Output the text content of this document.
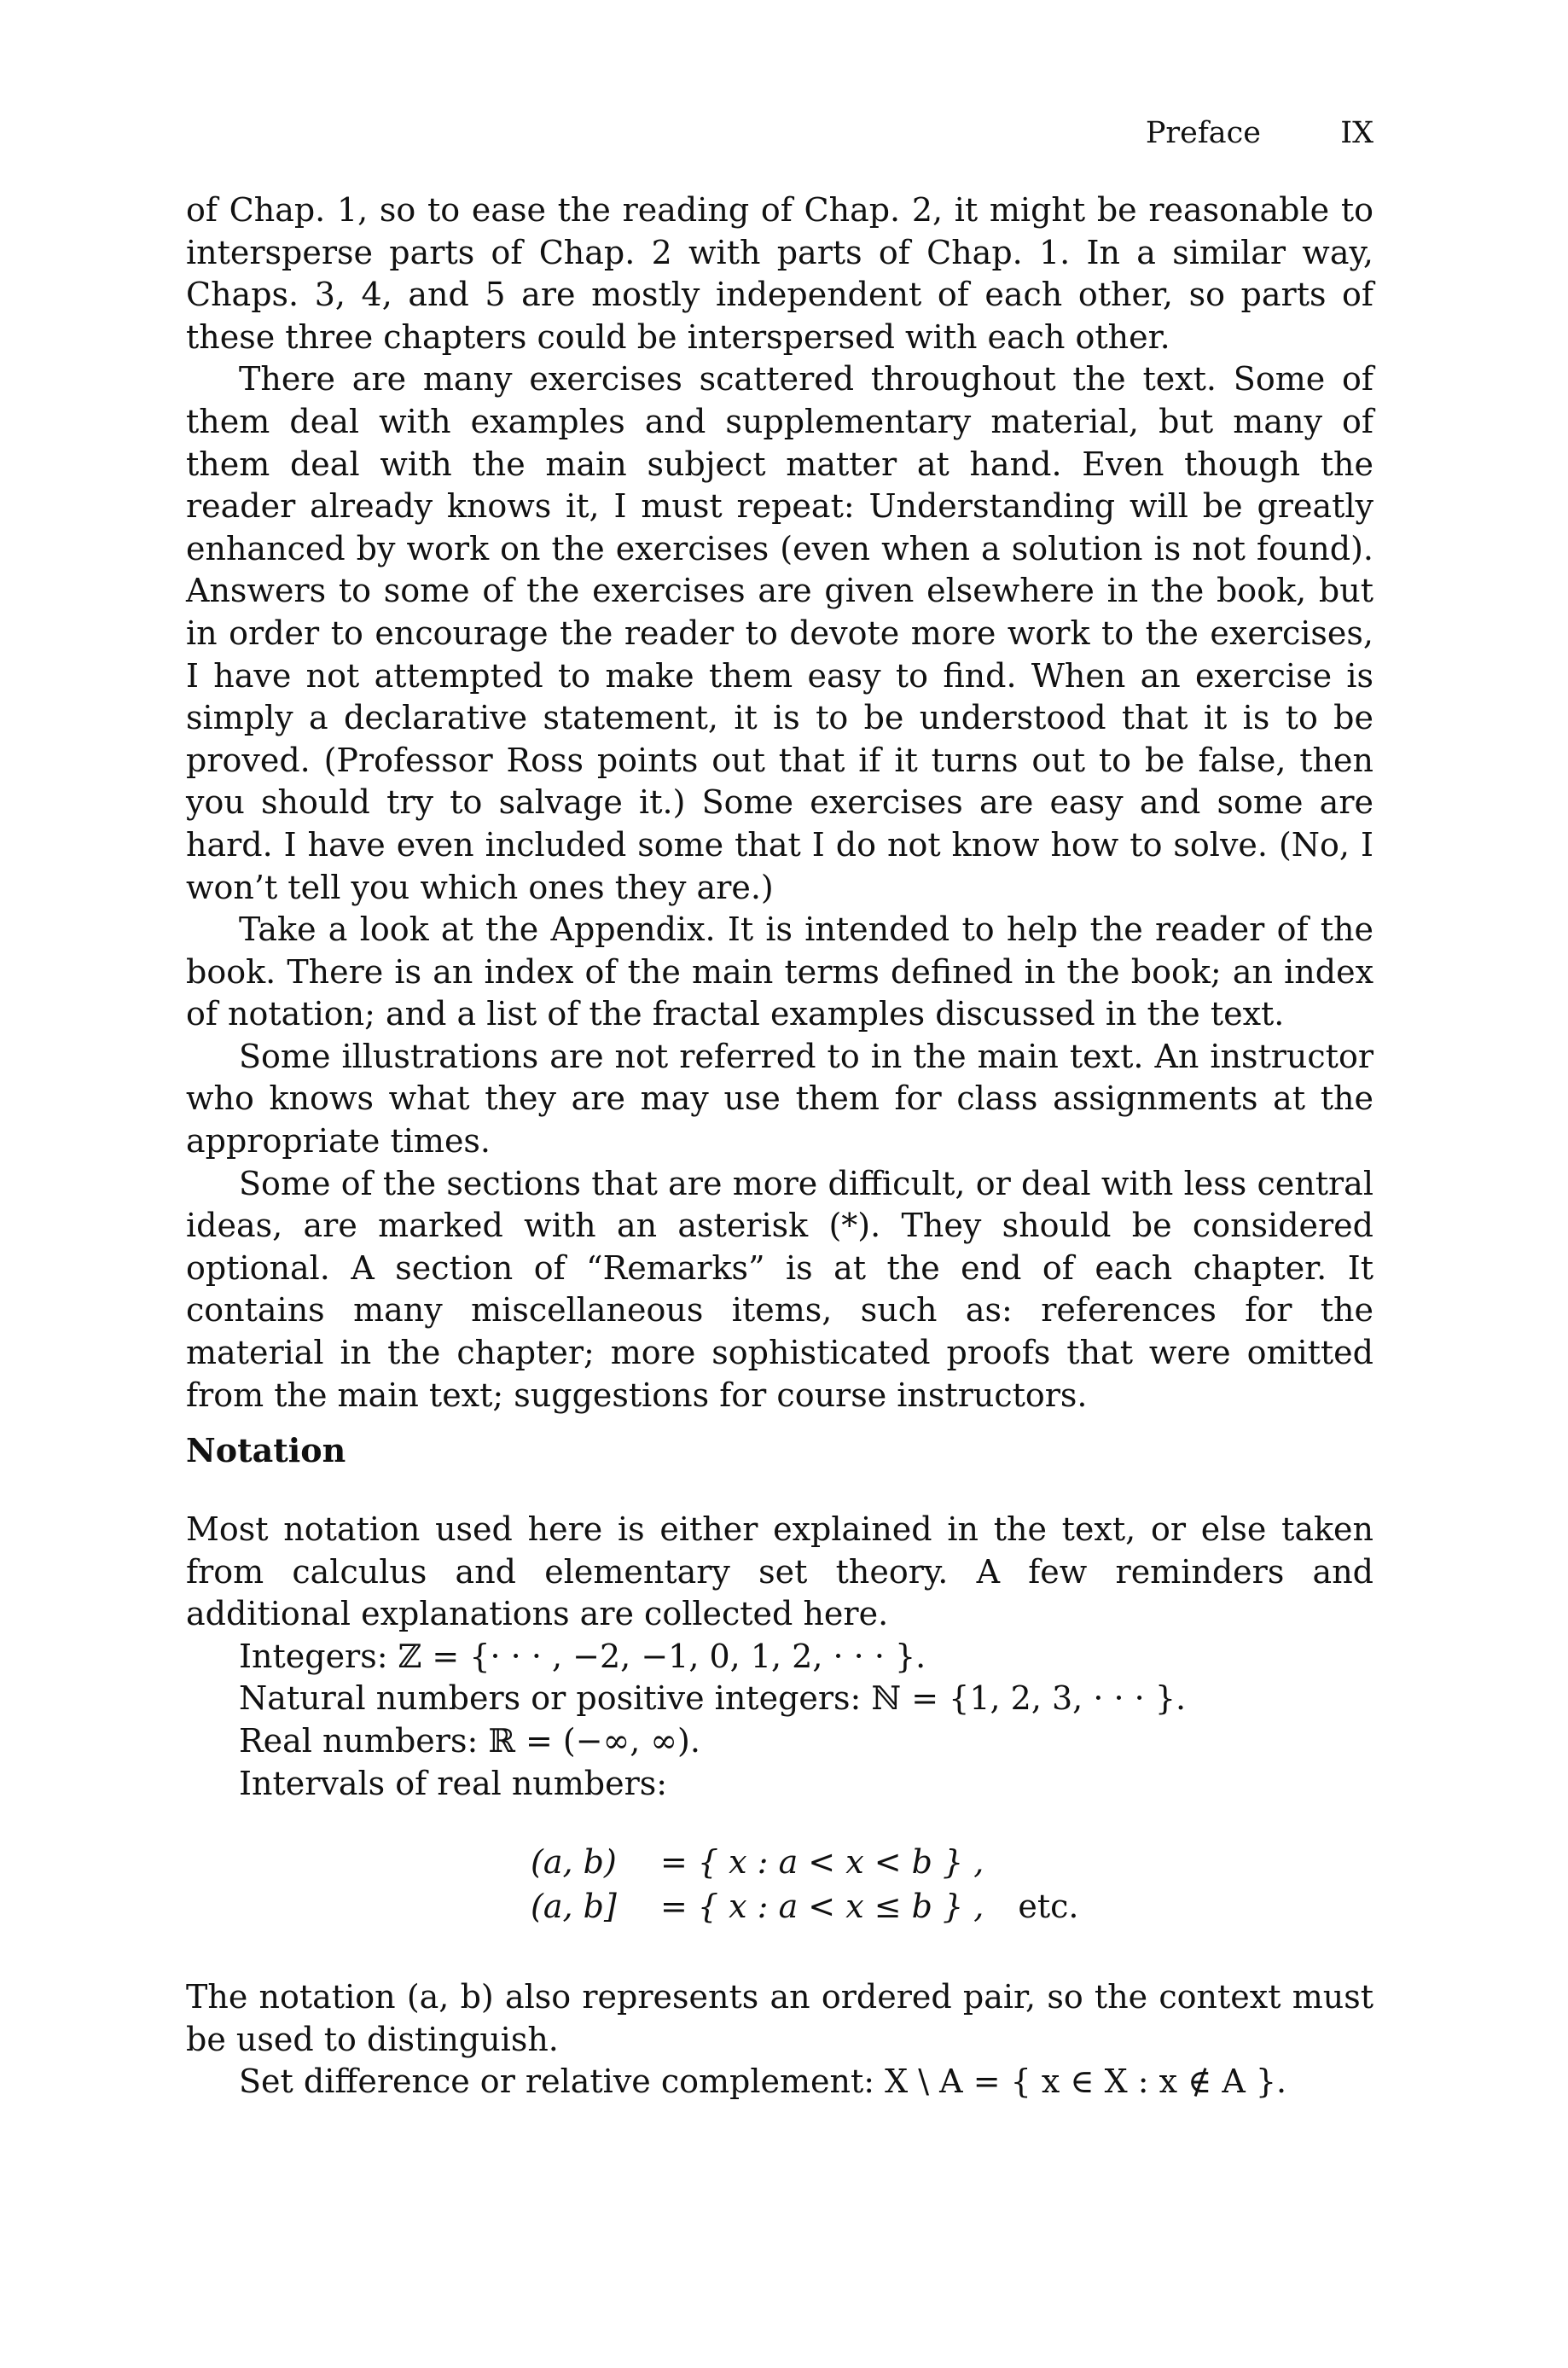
Preface	IX

of Chap. 1, so to ease the reading of Chap. 2, it might be reasonable to intersperse parts of Chap. 2 with parts of Chap. 1. In a similar way, Chaps. 3, 4, and 5 are mostly independent of each other, so parts of these three chapters could be interspersed with each other.

There are many exercises scattered throughout the text. Some of them deal with examples and supplementary material, but many of them deal with the main subject matter at hand. Even though the reader already knows it, I must repeat: Understanding will be greatly enhanced by work on the exercises (even when a solution is not found). Answers to some of the exercises are given elsewhere in the book, but in order to encourage the reader to devote more work to the exercises, I have not attempted to make them easy to find. When an exercise is simply a declarative statement, it is to be understood that it is to be proved. (Professor Ross points out that if it turns out to be false, then you should try to salvage it.) Some exercises are easy and some are hard. I have even included some that I do not know how to solve. (No, I won’t tell you which ones they are.)

Take a look at the Appendix. It is intended to help the reader of the book. There is an index of the main terms defined in the book; an index of notation; and a list of the fractal examples discussed in the text.

Some illustrations are not referred to in the main text. An instructor who knows what they are may use them for class assignments at the appropriate times.

Some of the sections that are more difficult, or deal with less central ideas, are marked with an asterisk (*). They should be considered optional. A section of “Remarks” is at the end of each chapter. It contains many miscellaneous items, such as: references for the material in the chapter; more sophisticated proofs that were omitted from the main text; suggestions for course instructors.

Notation

Most notation used here is either explained in the text, or else taken from calculus and elementary set theory. A few reminders and additional explanations are collected here.

Integers: ℤ = {· · · , −2, −1, 0, 1, 2, · · · }.

Natural numbers or positive integers: ℕ = {1, 2, 3, · · · }.

Real numbers: ℝ = (−∞, ∞).

Intervals of real numbers:

(a, b) = { x : a < x < b } ,
(a, b] = { x : a < x ≤ b } , etc.

The notation (a, b) also represents an ordered pair, so the context must be used to distinguish.

Set difference or relative complement: X \ A = { x ∈ X : x ∉ A }.
